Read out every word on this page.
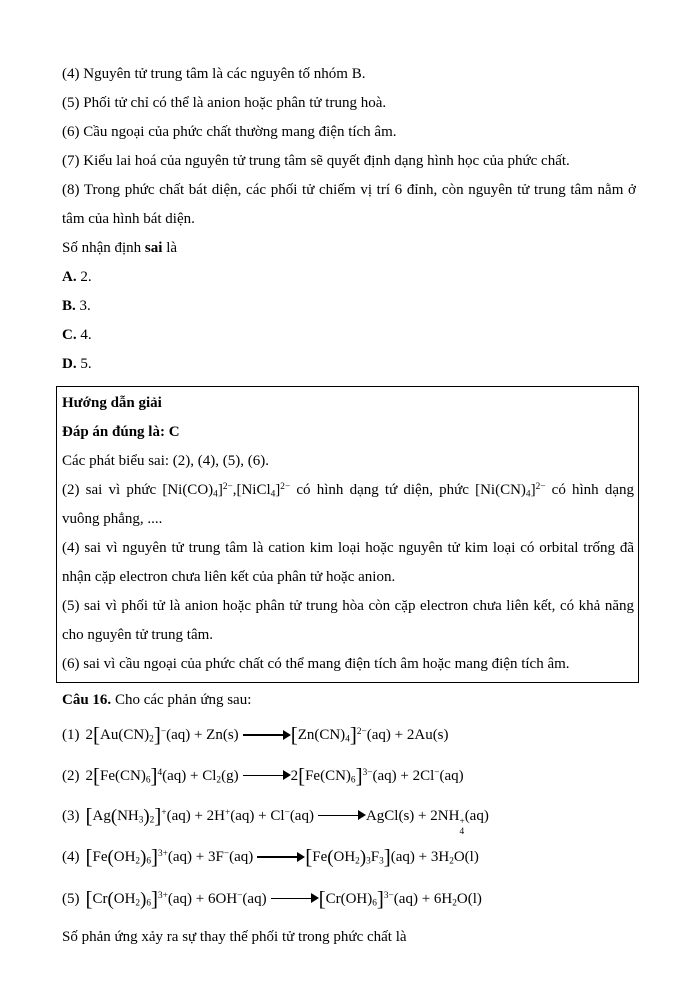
(4) Nguyên tử trung tâm là các nguyên tố nhóm B.

(5) Phối tử chỉ có thể là anion hoặc phân tử trung hoà.

(6) Cầu ngoại của phức chất thường mang điện tích âm.

(7) Kiểu lai hoá của nguyên tử trung tâm sẽ quyết định dạng hình học của phức chất.

(8) Trong phức chất bát diện, các phối tử chiếm vị trí 6 đỉnh, còn nguyên tử trung tâm nằm ở tâm của hình bát diện.

Số nhận định sai là

A. 2.

B. 3.

C. 4.

D. 5.

Hướng dẫn giải

Đáp án đúng là: C

Các phát biểu sai: (2), (4), (5), (6).

(2) sai vì phức $[Ni(CO)_4]^{2-},[NiCl_4]^{2-}$ có hình dạng tứ diện, phức $[Ni(CN)_4]^{2-}$ có hình dạng vuông phẳng, ....

(4) sai vì nguyên tử trung tâm là cation kim loại hoặc nguyên tử kim loại có orbital trống đã nhận cặp electron chưa liên kết của phân tử hoặc anion.

(5) sai vì phối tử là anion hoặc phân tử trung hòa còn cặp electron chưa liên kết, có khả năng cho nguyên tử trung tâm.

(6) sai vì cầu ngoại của phức chất có thể mang điện tích âm hoặc mang điện tích âm.

Câu 16. Cho các phản ứng sau:

(1) $2[Au(CN)_2]^-(aq) + Zn(s) \to [Zn(CN)_4]^{2-}(aq) + 2Au(s)$

(2) $2[Fe(CN)_6]^4(aq) + Cl_2(g) \to 2[Fe(CN)_6]^{3-}(aq) + 2Cl^-(aq)$

(3) $[Ag(NH_3)_2]^+(aq) + 2H^+(aq) + Cl^-(aq)$ → AgCl(s) + 2NH +
4
(aq)

(4) $[Fe(OH_2)_6]^{3+}(aq) + 3F^-(aq) \to [Fe(OH_2)_3F_3](aq) + 3H_2O(l)$

(5) $[Cr(OH_2)_6]^{3+}(aq) + 6OH^-(aq) \to [Cr(OH)_6]^{3-}(aq) + 6H_2O(l)$

Số phản ứng xảy ra sự thay thế phối tử trong phức chất là
